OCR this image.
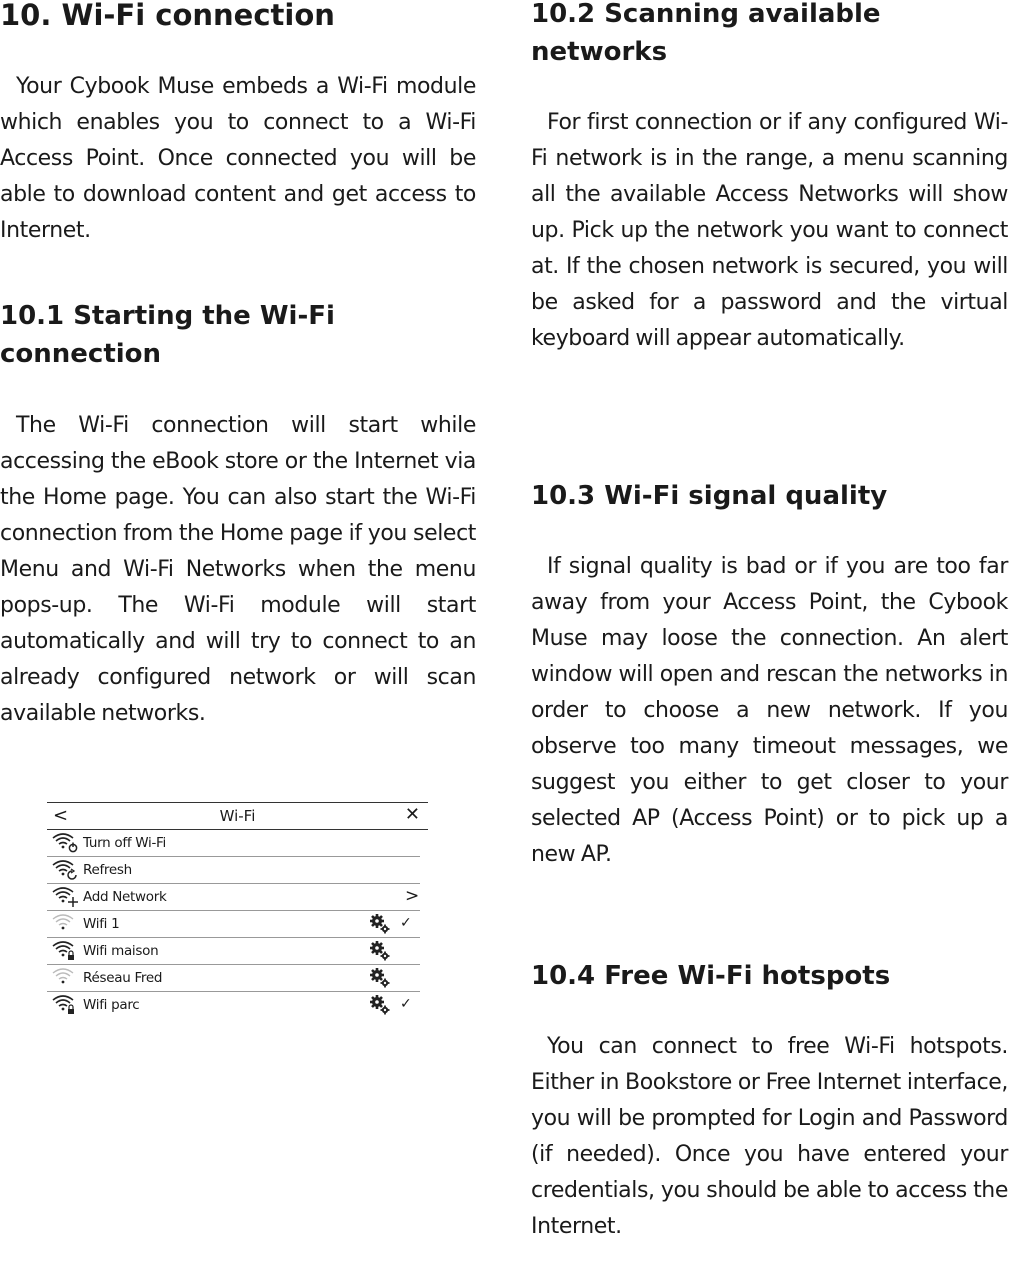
10. Wi-Fi connection

Your Cybook Muse embeds a Wi-Fi module which enables you to connect to a Wi-Fi Access Point. Once connected you will be able to download content and get access to Internet.

10.1 Starting the Wi-Fi connection

The Wi-Fi connection will start while accessing the eBook store or the Internet via the Home page. You can also start the Wi-Fi connection from the Home page if you select Menu and Wi-Fi Networks when the menu pops-up. The Wi-Fi module will start automatically and will try to connect to an already configured network or will scan available networks.

<	Wi-Fi	✕
Turn off Wi-Fi
Refresh
Add Network	>
Wifi 1	✓
Wifi maison
Réseau Fred
Wifi parc	✓
10.2 Scanning available networks

For first connection or if any configured Wi-Fi network is in the range, a menu scanning all the available Access Networks will show up. Pick up the network you want to connect at. If the chosen network is secured, you will be asked for a password and the virtual keyboard will appear automatically.

10.3 Wi-Fi signal quality

If signal quality is bad or if you are too far away from your Access Point, the Cybook Muse may loose the connection. An alert window will open and rescan the networks in order to choose a new network. If you observe too many timeout messages, we suggest you either to get closer to your selected AP (Access Point) or to pick up a new AP.

10.4 Free Wi-Fi hotspots

You can connect to free Wi-Fi hotspots. Either in Bookstore or Free Internet interface, you will be prompted for Login and Password (if needed). Once you have entered your credentials, you should be able to access the Internet.
